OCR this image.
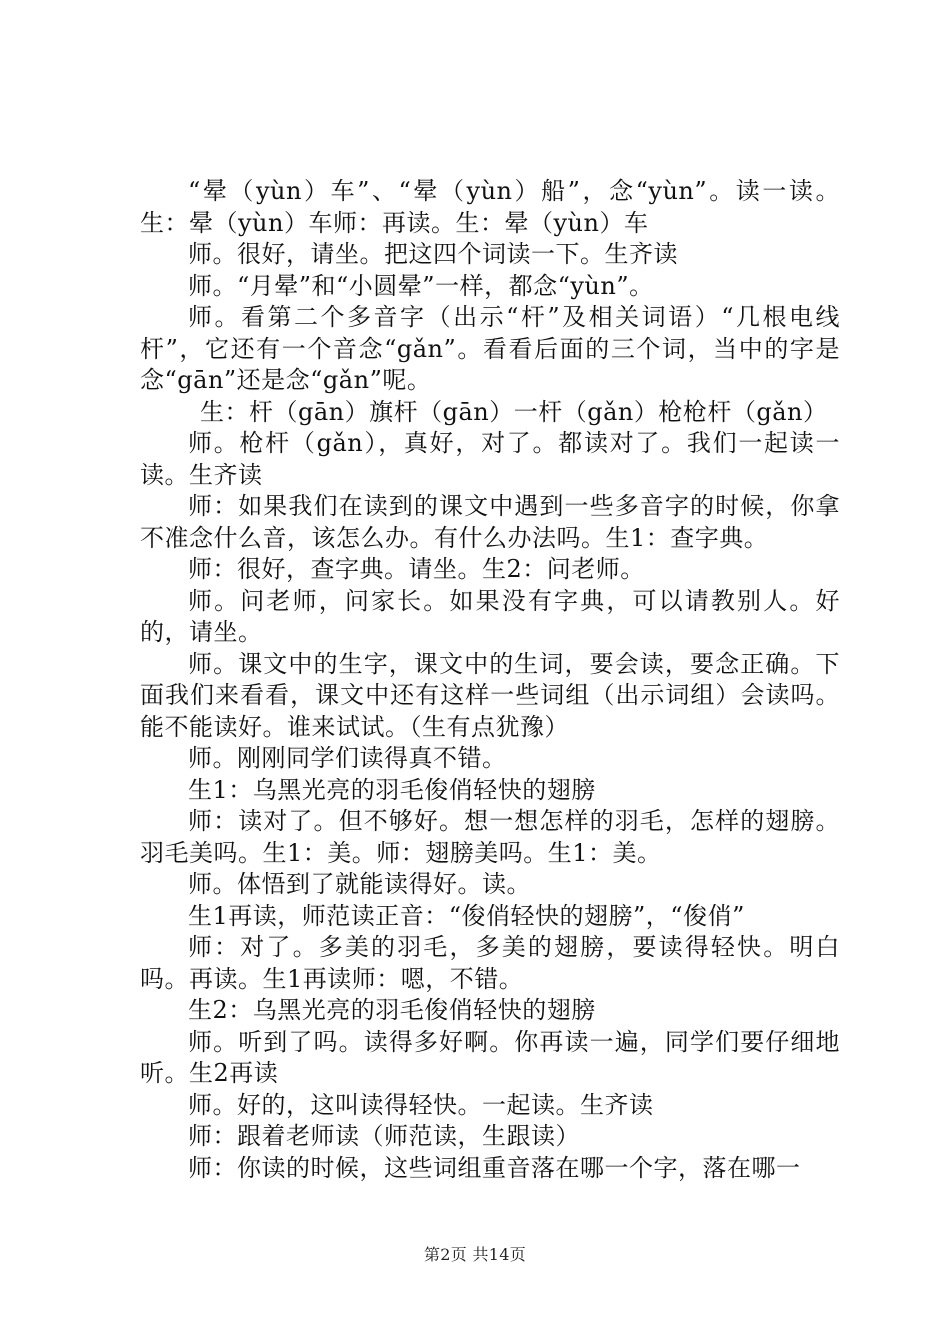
“晕（yùn）车”、“晕（yùn）船”，念“yùn”。读一读。生：晕（yùn）车师：再读。生：晕（yùn）车

师。很好，请坐。把这四个词读一下。生齐读

师。“月晕”和“小圆晕”一样，都念“yùn”。

师。看第二个多音字（出示“杆”及相关词语）“几根电线杆”，它还有一个音念“gǎn”。看看后面的三个词，当中的字是念“gān”还是念“gǎn”呢。

生：杆（gān）旗杆（gān）一杆（gǎn）枪枪杆（gǎn）

师。枪杆（gǎn），真好，对了。都读对了。我们一起读一读。生齐读

师：如果我们在读到的课文中遇到一些多音字的时候，你拿不准念什么音，该怎么办。有什么办法吗。生1：查字典。

师：很好，查字典。请坐。生2：问老师。

师。问老师，问家长。如果没有字典，可以请教别人。好的，请坐。

师。课文中的生字，课文中的生词，要会读，要念正确。下面我们来看看，课文中还有这样一些词组（出示词组）会读吗。能不能读好。谁来试试。（生有点犹豫）

师。刚刚同学们读得真不错。

生1：乌黑光亮的羽毛俊俏轻快的翅膀

师：读对了。但不够好。想一想怎样的羽毛，怎样的翅膀。羽毛美吗。生1：美。师：翅膀美吗。生1：美。

师。体悟到了就能读得好。读。

生1再读，师范读正音：“俊俏轻快的翅膀”，“俊俏”

师：对了。多美的羽毛，多美的翅膀，要读得轻快。明白吗。再读。生1再读师：嗯，不错。

生2：乌黑光亮的羽毛俊俏轻快的翅膀

师。听到了吗。读得多好啊。你再读一遍，同学们要仔细地听。生2再读

师。好的，这叫读得轻快。一起读。生齐读

师：跟着老师读（师范读，生跟读）

师：你读的时候，这些词组重音落在哪一个字，落在哪一

第2页 共14页
